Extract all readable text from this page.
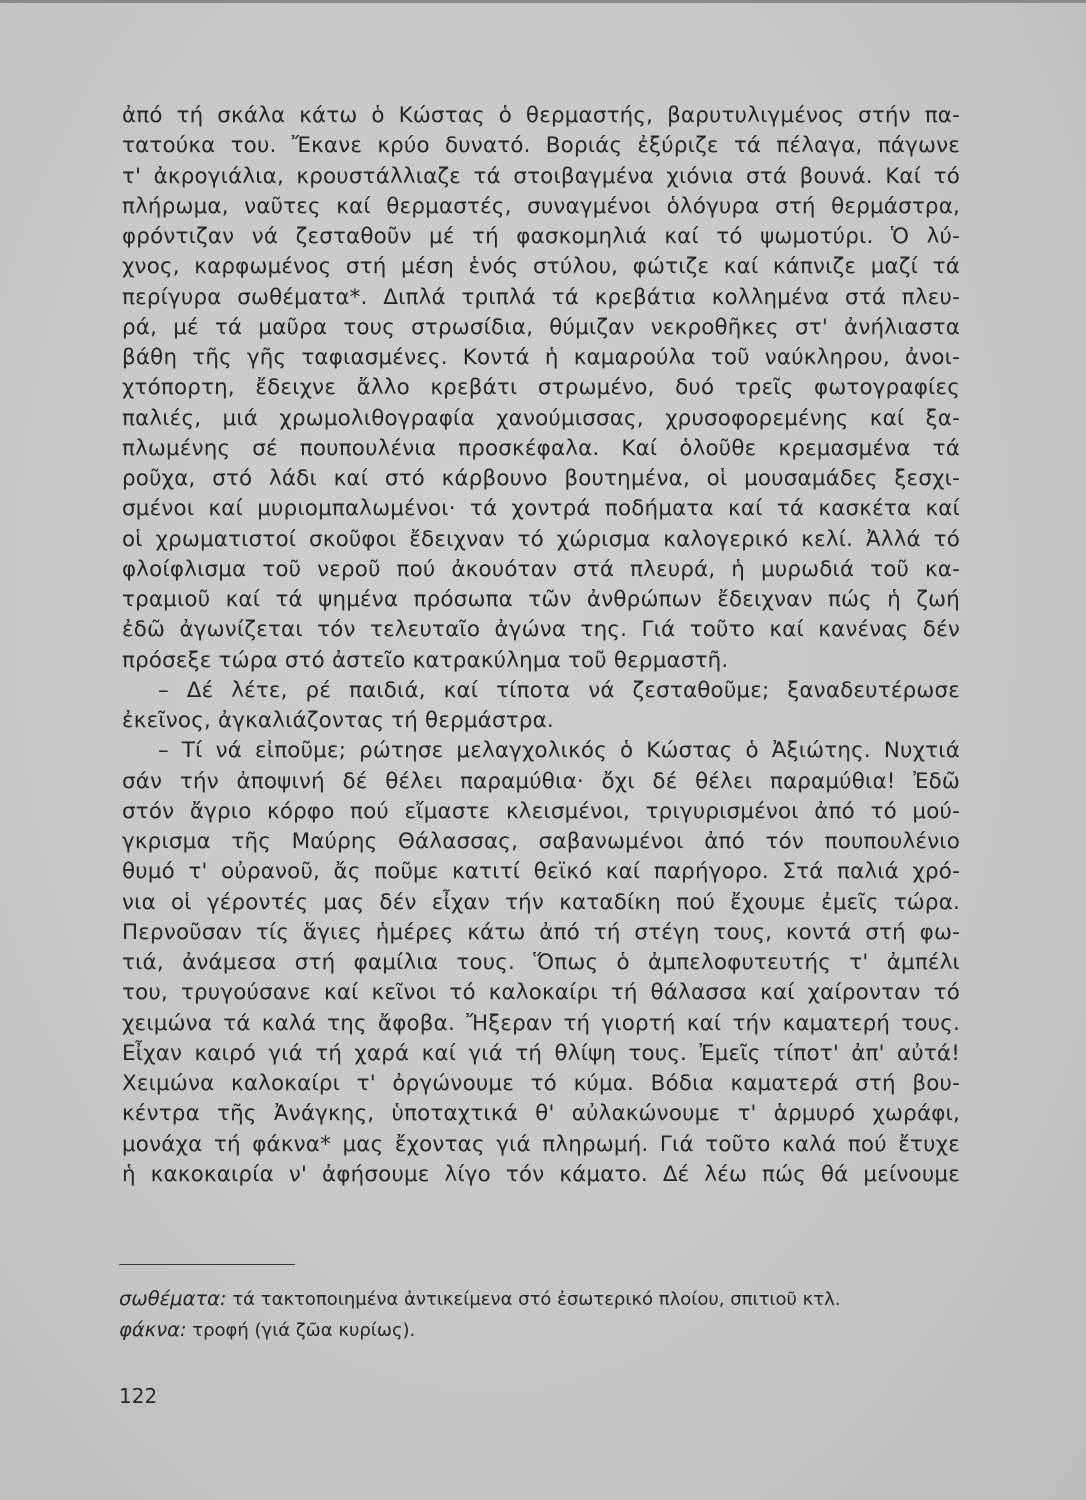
ἀπό τή σκάλα κάτω ὁ Κώστας ὁ θερμαστής, βαρυτυλιγμένος στήν πα-
τατούκα του. Ἔκανε κρύο δυνατό. Βοριάς ἐξύριζε τά πέλαγα, πάγωνε
τ' ἀκρογιάλια, κρουστάλλιαζε τά στοιβαγμένα χιόνια στά βουνά. Καί τό
πλήρωμα, ναῦτες καί θερμαστές, συναγμένοι ὁλόγυρα στή θερμάστρα,
φρόντιζαν νά ζεσταθοῦν μέ τή φασκομηλιά καί τό ψωμοτύρι. Ὁ λύ-
χνος, καρφωμένος στή μέση ἑνός στύλου, φώτιζε καί κάπνιζε μαζί τά
περίγυρα σωθέματα*. Διπλά τριπλά τά κρεβάτια κολλημένα στά πλευ-
ρά, μέ τά μαῦρα τους στρωσίδια, θύμιζαν νεκροθῆκες στ' ἀνήλιαστα
βάθη τῆς γῆς ταφιασμένες. Κοντά ἡ καμαρούλα τοῦ ναύκληρου, ἀνοι-
χτόπορτη, ἔδειχνε ἄλλο κρεβάτι στρωμένο, δυό τρεῖς φωτογραφίες
παλιές, μιά χρωμολιθογραφία χανούμισσας, χρυσοφορεμένης καί ξα-
πλωμένης σέ πουπουλένια προσκέφαλα. Καί ὁλοῦθε κρεμασμένα τά
ροῦχα, στό λάδι καί στό κάρβουνο βουτημένα, οἱ μουσαμάδες ξεσχι-
σμένοι καί μυριομπαλωμένοι· τά χοντρά ποδήματα καί τά κασκέτα καί
οἱ χρωματιστοί σκοῦφοι ἔδειχναν τό χώρισμα καλογερικό κελί. Ἀλλά τό
φλοίφλισμα τοῦ νεροῦ πού ἀκουόταν στά πλευρά, ἡ μυρωδιά τοῦ κα-
τραμιοῦ καί τά ψημένα πρόσωπα τῶν ἀνθρώπων ἔδειχναν πώς ἡ ζωή
ἐδῶ ἀγωνίζεται τόν τελευταῖο ἀγώνα της. Γιά τοῦτο καί κανένας δέν
πρόσεξε τώρα στό ἀστεῖο κατρακύλημα τοῦ θερμαστῆ.
– Δέ λέτε, ρέ παιδιά, καί τίποτα νά ζεσταθοῦμε; ξαναδευτέρωσε
ἐκεῖνος, ἀγκαλιάζοντας τή θερμάστρα.
– Τί νά εἰποῦμε; ρώτησε μελαγχολικός ὁ Κώστας ὁ Ἀξιώτης. Νυχτιά
σάν τήν ἀποψινή δέ θέλει παραμύθια· ὄχι δέ θέλει παραμύθια! Ἐδῶ
στόν ἄγριο κόρφο πού εἴμαστε κλεισμένοι, τριγυρισμένοι ἀπό τό μού-
γκρισμα τῆς Μαύρης Θάλασσας, σαβανωμένοι ἀπό τόν πουπουλένιο
θυμό τ' οὐρανοῦ, ἄς ποῦμε κατιτί θεϊκό καί παρήγορο. Στά παλιά χρό-
νια οἱ γέροντές μας δέν εἶχαν τήν καταδίκη πού ἔχουμε ἐμεῖς τώρα.
Περνοῦσαν τίς ἅγιες ἡμέρες κάτω ἀπό τή στέγη τους, κοντά στή φω-
τιά, ἀνάμεσα στή φαμίλια τους. Ὅπως ὁ ἀμπελοφυτευτής τ' ἀμπέλι
του, τρυγούσανε καί κεῖνοι τό καλοκαίρι τή θάλασσα καί χαίρονταν τό
χειμώνα τά καλά της ἄφοβα. Ἤξεραν τή γιορτή καί τήν καματερή τους.
Εἶχαν καιρό γιά τή χαρά καί γιά τή θλίψη τους. Ἐμεῖς τίποτ' ἀπ' αὐτά!
Χειμώνα καλοκαίρι τ' ὀργώνουμε τό κύμα. Βόδια καματερά στή βου-
κέντρα τῆς Ἀνάγκης, ὑποταχτικά θ' αὐλακώνουμε τ' ἁρμυρό χωράφι,
μονάχα τή φάκνα* μας ἔχοντας γιά πληρωμή. Γιά τοῦτο καλά πού ἔτυχε
ἡ κακοκαιρία ν' ἀφήσουμε λίγο τόν κάματο. Δέ λέω πώς θά μείνουμε
σωθέματα: τά τακτοποιημένα ἀντικείμενα στό ἐσωτερικό πλοίου, σπιτιοῦ κτλ.
φάκνα: τροφή (γιά ζῶα κυρίως).
122
